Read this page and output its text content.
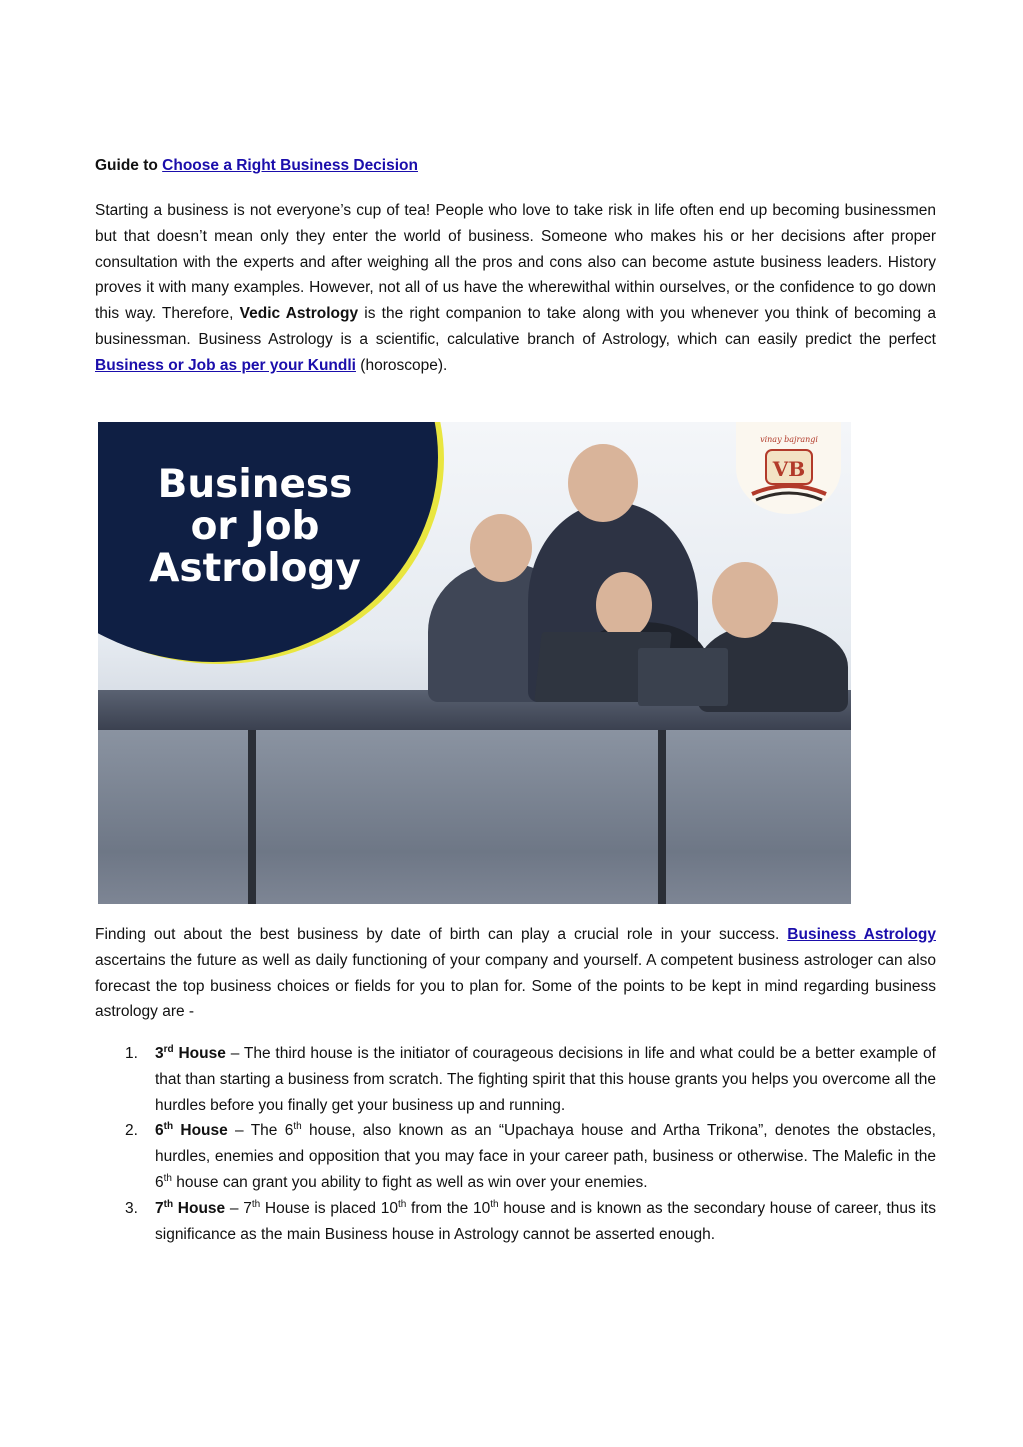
Guide to Choose a Right Business Decision
Starting a business is not everyone’s cup of tea! People who love to take risk in life often end up becoming businessmen but that doesn’t mean only they enter the world of business. Someone who makes his or her decisions after proper consultation with the experts and after weighing all the pros and cons also can become astute business leaders. History proves it with many examples. However, not all of us have the wherewithal within ourselves, or the confidence to go down this way. Therefore, Vedic Astrology is the right companion to take along with you whenever you think of becoming a businessman. Business Astrology is a scientific, calculative branch of Astrology, which can easily predict the perfect Business or Job as per your Kundli (horoscope).
Business
or Job
Astrology
vinay bajrangi
VB
Finding out about the best business by date of birth can play a crucial role in your success. Business Astrology ascertains the future as well as daily functioning of your company and yourself. A competent business astrologer can also forecast the top business choices or fields for you to plan for. Some of the points to be kept in mind regarding business astrology are -
1. 3rd House – The third house is the initiator of courageous decisions in life and what could be a better example of that than starting a business from scratch. The fighting spirit that this house grants you helps you overcome all the hurdles before you finally get your business up and running.
2. 6th House – The 6th house, also known as an “Upachaya house and Artha Trikona”, denotes the obstacles, hurdles, enemies and opposition that you may face in your career path, business or otherwise. The Malefic in the 6th house can grant you ability to fight as well as win over your enemies.
3. 7th House – 7th House is placed 10th from the 10th house and is known as the secondary house of career, thus its significance as the main Business house in Astrology cannot be asserted enough.
